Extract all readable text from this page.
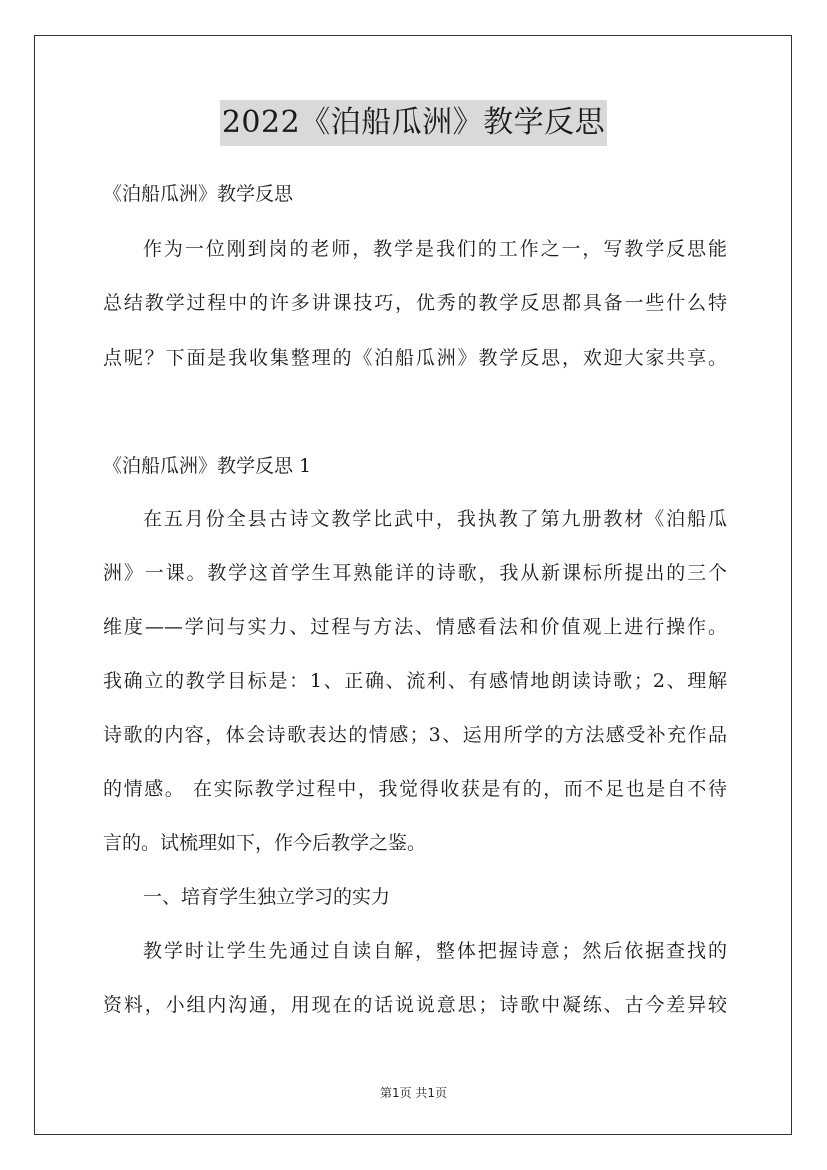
2022《泊船瓜洲》教学反思
《泊船瓜洲》教学反思
作为一位刚到岗的老师，教学是我们的工作之一，写教学反思能
总结教学过程中的许多讲课技巧，优秀的教学反思都具备一些什么特
点呢？下面是我收集整理的《泊船瓜洲》教学反思，欢迎大家共享。
《泊船瓜洲》教学反思 1
在五月份全县古诗文教学比武中，我执教了第九册教材《泊船瓜
洲》一课。教学这首学生耳熟能详的诗歌，我从新课标所提出的三个
维度——学问与实力、过程与方法、情感看法和价值观上进行操作。
我确立的教学目标是：1、正确、流利、有感情地朗读诗歌；2、理解
诗歌的内容，体会诗歌表达的情感；3、运用所学的方法感受补充作品
的情感。 在实际教学过程中，我觉得收获是有的，而不足也是自不待
言的。试梳理如下，作今后教学之鉴。
一、培育学生独立学习的实力
教学时让学生先通过自读自解，整体把握诗意；然后依据查找的
资料，小组内沟通，用现在的话说说意思；诗歌中凝练、古今差异较
第1页 共1页
